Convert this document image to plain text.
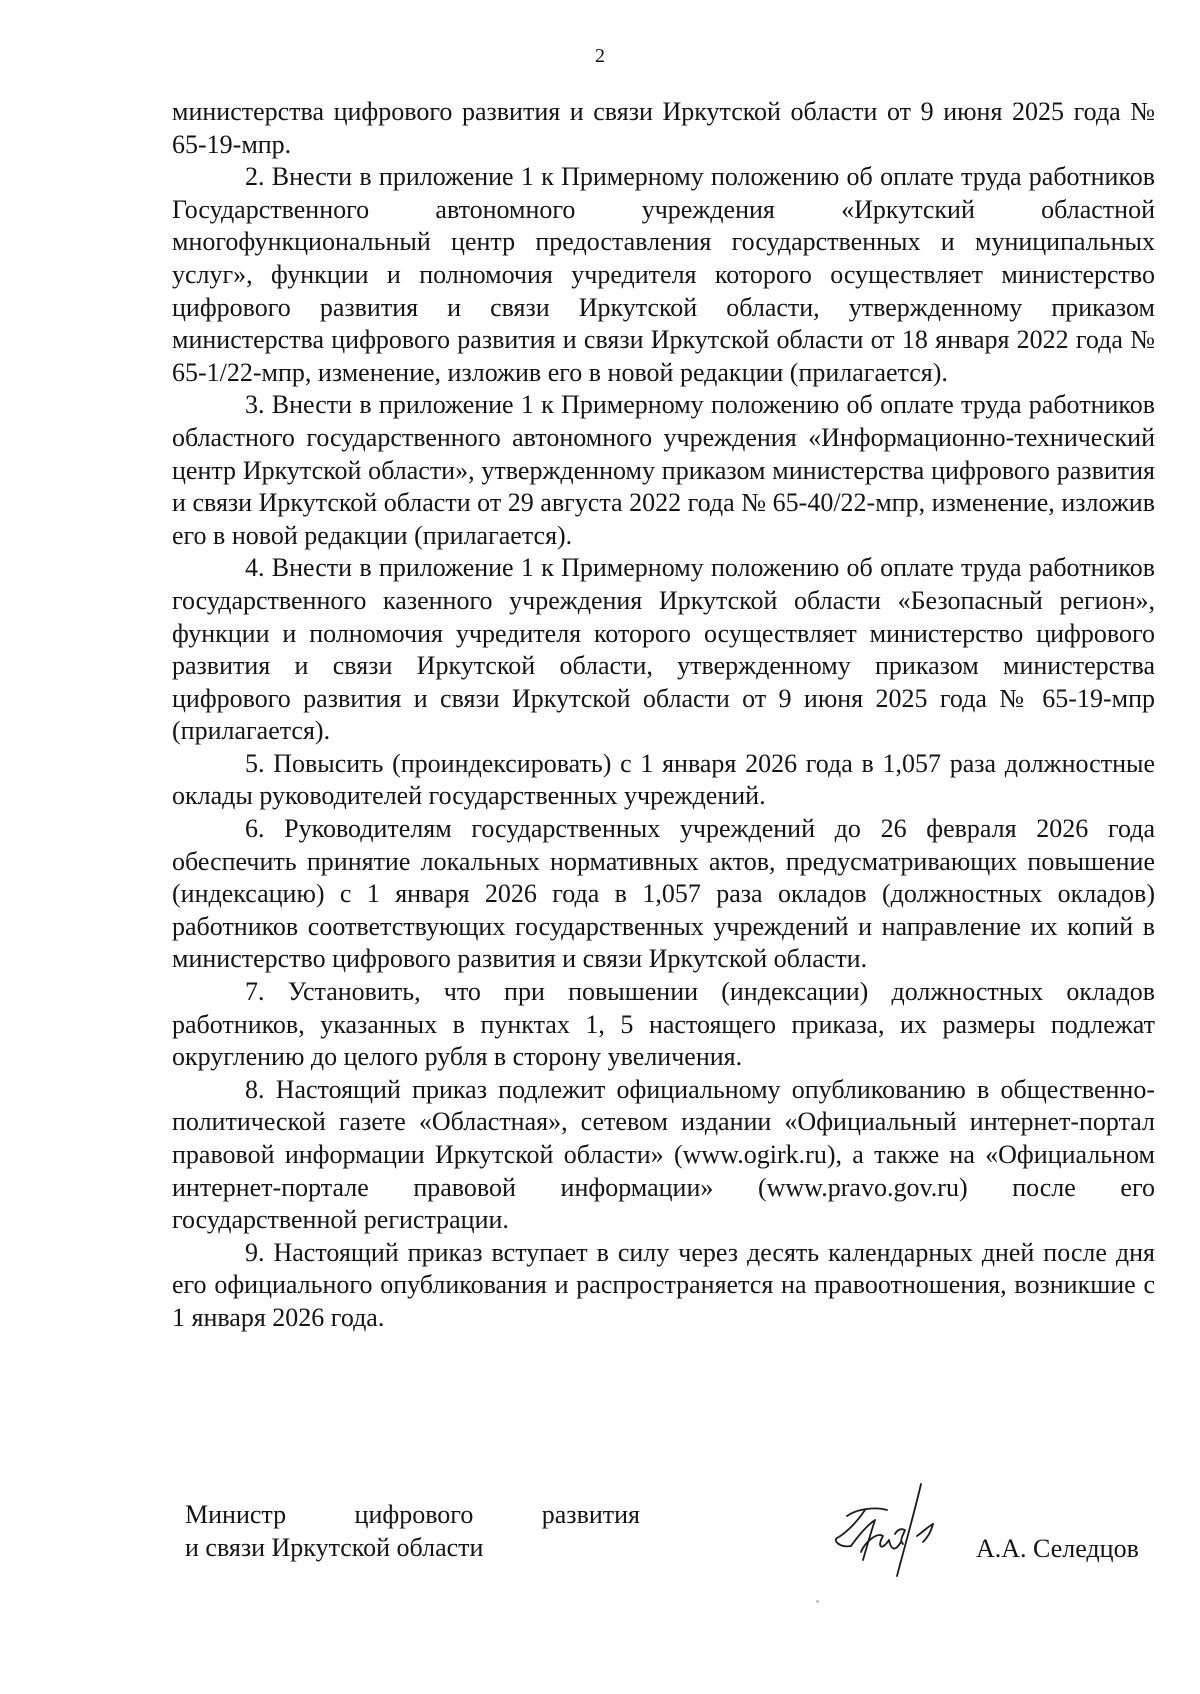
2

министерства цифрового развития и связи Иркутской области от 9 июня 2025 года № 65-19-мпр.

2. Внести в приложение 1 к Примерному положению об оплате труда работников Государственного автономного учреждения «Иркутский областной многофункциональный центр предоставления государственных и муниципальных услуг», функции и полномочия учредителя которого осуществляет министерство цифрового развития и связи Иркутской области, утвержденному приказом министерства цифрового развития и связи Иркутской области от 18 января 2022 года № 65-1/22-мпр, изменение, изложив его в новой редакции (прилагается).

3. Внести в приложение 1 к Примерному положению об оплате труда работников областного государственного автономного учреждения «Информационно-технический центр Иркутской области», утвержденному приказом министерства цифрового развития и связи Иркутской области от 29 августа 2022 года № 65-40/22-мпр, изменение, изложив его в новой редакции (прилагается).

4. Внести в приложение 1 к Примерному положению об оплате труда работников государственного казенного учреждения Иркутской области «Безопасный регион», функции и полномочия учредителя которого осуществляет министерство цифрового развития и связи Иркутской области, утвержденному приказом министерства цифрового развития и связи Иркутской области от 9 июня 2025 года № 65-19-мпр (прилагается).

5. Повысить (проиндексировать) с 1 января 2026 года в 1,057 раза должностные оклады руководителей государственных учреждений.

6. Руководителям государственных учреждений до 26 февраля 2026 года обеспечить принятие локальных нормативных актов, предусматривающих повышение (индексацию) с 1 января 2026 года в 1,057 раза окладов (должностных окладов) работников соответствующих государственных учреждений и направление их копий в министерство цифрового развития и связи Иркутской области.

7. Установить, что при повышении (индексации) должностных окладов работников, указанных в пунктах 1, 5 настоящего приказа, их размеры подлежат округлению до целого рубля в сторону увеличения.

8. Настоящий приказ подлежит официальному опубликованию в общественно-политической газете «Областная», сетевом издании «Официальный интернет-портал правовой информации Иркутской области» (www.ogirk.ru), а также на «Официальном интернет-портале правовой информации» (www.pravo.gov.ru) после его государственной регистрации.

9. Настоящий приказ вступает в силу через десять календарных дней после дня его официального опубликования и распространяется на правоотношения, возникшие с 1 января 2026 года.

Министр цифрового развития
и связи Иркутской области	А.А. Селедцов
